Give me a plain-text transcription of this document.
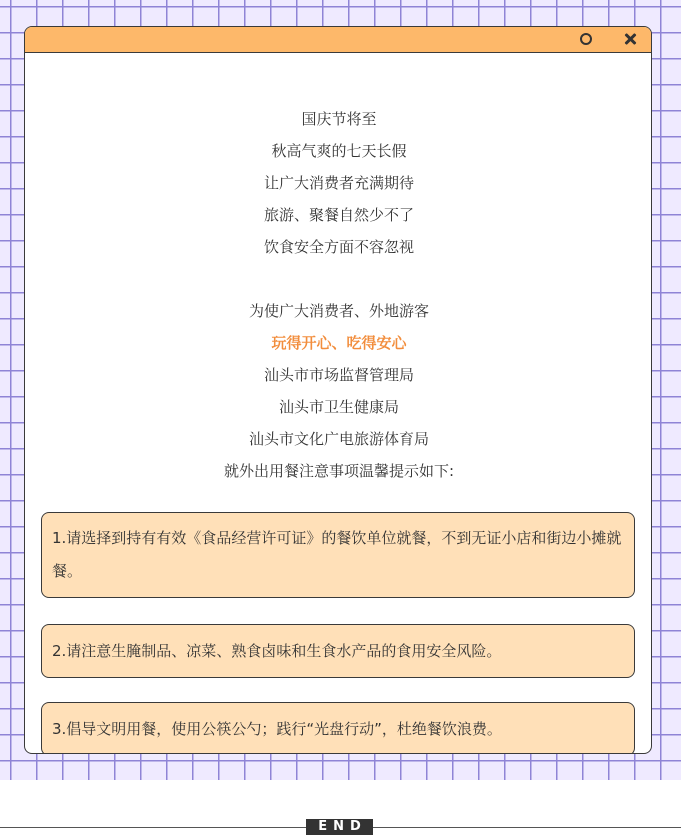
国庆节将至
秋高气爽的七天长假
让广大消费者充满期待
旅游、聚餐自然少不了
饮食安全方面不容忽视
为使广大消费者、外地游客
玩得开心、吃得安心
汕头市市场监督管理局
汕头市卫生健康局
汕头市文化广电旅游体育局
就外出用餐注意事项温馨提示如下:
1.请选择到持有有效《食品经营许可证》的餐饮单位就餐，不到无证小店和街边小摊就餐。
2.请注意生腌制品、凉菜、熟食卤味和生食水产品的食用安全风险。
3.倡导文明用餐，使用公筷公勺；践行“光盘行动”，杜绝餐饮浪费。
END
